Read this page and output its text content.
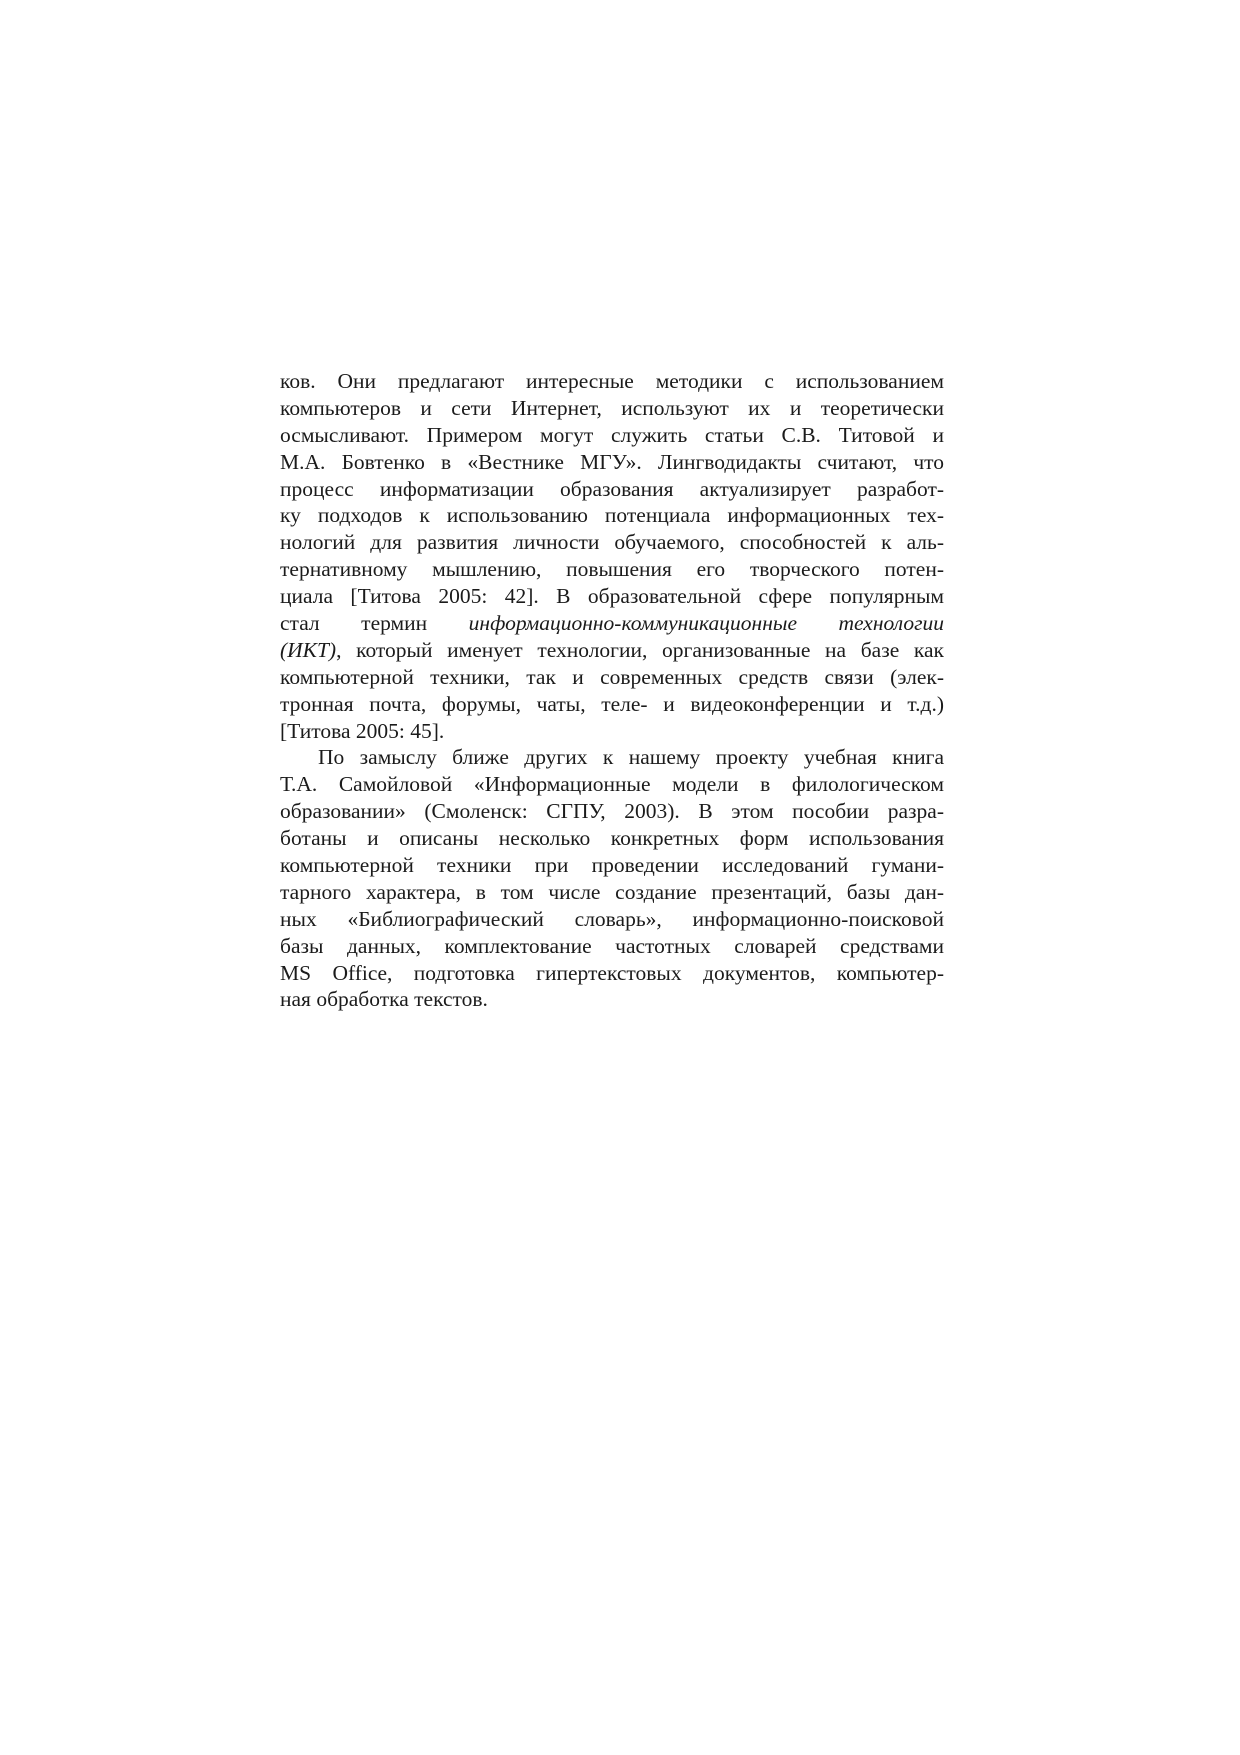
ков. Они предлагают интересные методики с использованием
компьютеров и сети Интернет, используют их и теоретически
осмысливают. Примером могут служить статьи С.В. Титовой и
М.А. Бовтенко в «Вестнике МГУ». Лингводидакты считают, что
процесс информатизации образования актуализирует разработ-
ку подходов к использованию потенциала информационных тех-
нологий для развития личности обучаемого, способностей к аль-
тернативному мышлению, повышения его творческого потен-
циала [Титова 2005: 42]. В образовательной сфере популярным
стал термин информационно-коммуникационные технологии
(ИКТ), который именует технологии, организованные на базе как
компьютерной техники, так и современных средств связи (элек-
тронная почта, форумы, чаты, теле- и видеоконференции и т.д.)
[Титова 2005: 45].
По замыслу ближе других к нашему проекту учебная книга
Т.А. Самойловой «Информационные модели в филологическом
образовании» (Смоленск: СГПУ, 2003). В этом пособии разра-
ботаны и описаны несколько конкретных форм использования
компьютерной техники при проведении исследований гумани-
тарного характера, в том числе создание презентаций, базы дан-
ных «Библиографический словарь», информационно-поисковой
базы данных, комплектование частотных словарей средствами
MS Office, подготовка гипертекстовых документов, компьютер-
ная обработка текстов.
